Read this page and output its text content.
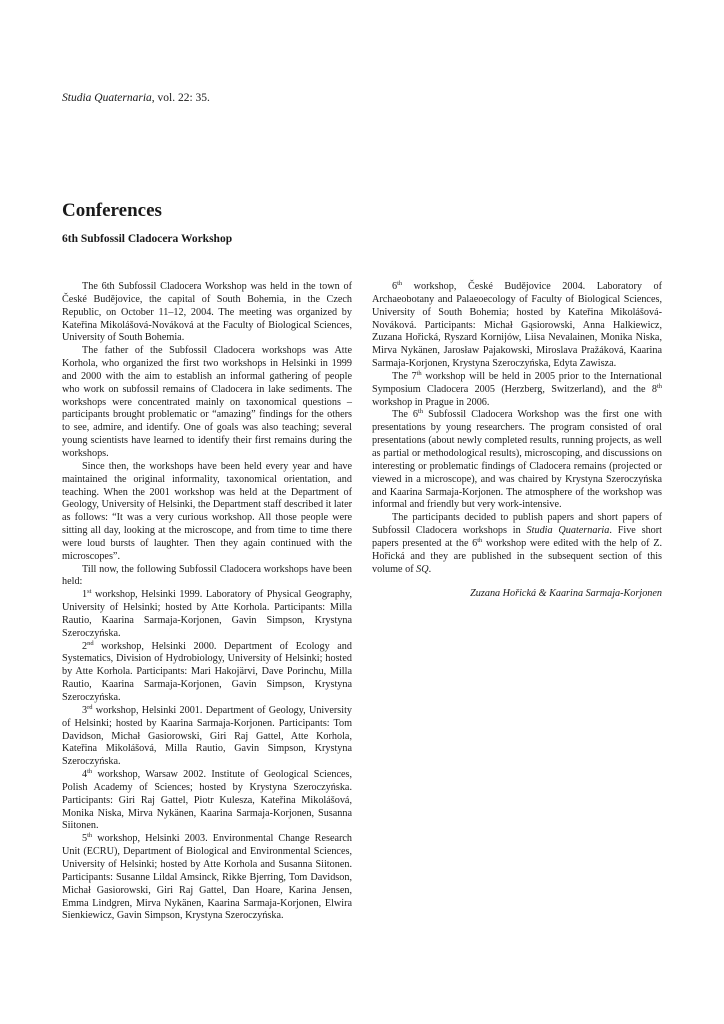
Studia Quaternaria, vol. 22: 35.

Conferences
6th Subfossil Cladocera Workshop

The 6th Subfossil Cladocera Workshop was held in the town of České Budějovice, the capital of South Bohemia, in the Czech Republic, on October 11–12, 2004. The meeting was organized by Kateřina Mikolášová-Nováková at the Faculty of Biological Sciences, University of South Bohemia.

The father of the Subfossil Cladocera workshops was Atte Korhola, who organized the first two workshops in Helsinki in 1999 and 2000 with the aim to establish an informal gathering of people who work on subfossil remains of Cladocera in lake sediments. The workshops were concentrated mainly on taxonomical questions – participants brought problematic or “amazing” findings for the others to see, admire, and identify. One of goals was also teaching; several young scientists have learned to identify their first remains during the workshops.

Since then, the workshops have been held every year and have maintained the original informality, taxonomical orientation, and teaching. When the 2001 workshop was held at the Department of Geology, University of Helsinki, the Department staff described it later as follows: “It was a very curious workshop. All those people were sitting all day, looking at the microscope, and from time to time there were loud bursts of laughter. Then they again continued with the microscopes”.

Till now, the following Subfossil Cladocera workshops have been held:

1st workshop, Helsinki 1999. Laboratory of Physical Geography, University of Helsinki; hosted by Atte Korhola. Participants: Milla Rautio, Kaarina Sarmaja-Korjonen, Gavin Simpson, Krystyna Szeroczyńska.

2nd workshop, Helsinki 2000. Department of Ecology and Systematics, Division of Hydrobiology, University of Helsinki; hosted by Atte Korhola. Participants: Mari Hakojärvi, Dave Porinchu, Milla Rautio, Kaarina Sarmaja-Korjonen, Gavin Simpson, Krystyna Szeroczyńska.

3rd workshop, Helsinki 2001. Department of Geology, University of Helsinki; hosted by Kaarina Sarmaja-Korjonen. Participants: Tom Davidson, Michał Gasiorowski, Giri Raj Gattel, Atte Korhola, Kateřina Mikolášová, Milla Rautio, Gavin Simpson, Krystyna Szeroczyńska.

4th workshop, Warsaw 2002. Institute of Geological Sciences, Polish Academy of Sciences; hosted by Krystyna Szeroczyńska. Participants: Giri Raj Gattel, Piotr Kulesza, Kateřina Mikolášová, Monika Niska, Mirva Nykänen, Kaarina Sarmaja-Korjonen, Susanna Siitonen.

5th workshop, Helsinki 2003. Environmental Change Research Unit (ECRU), Department of Biological and Environmental Sciences, University of Helsinki; hosted by Atte Korhola and Susanna Siitonen. Participants: Susanne Lildal Amsinck, Rikke Bjerring, Tom Davidson, Michał Gasiorowski, Giri Raj Gattel, Dan Hoare, Karina Jensen, Emma Lindgren, Mirva Nykänen, Kaarina Sarmaja-Korjonen, Elwira Sienkiewicz, Gavin Simpson, Krystyna Szeroczyńska.

6th workshop, České Budějovice 2004. Laboratory of Archaeobotany and Palaeoecology of Faculty of Biological Sciences, University of South Bohemia; hosted by Kateřina Mikolášová-Nováková. Participants: Michał Gąsiorowski, Anna Halkiewicz, Zuzana Hořická, Ryszard Kornijów, Liisa Nevalainen, Monika Niska, Mirva Nykänen, Jarosław Pajakowski, Miroslava Pražáková, Kaarina Sarmaja-Korjonen, Krystyna Szeroczyńska, Edyta Zawisza.

The 7th workshop will be held in 2005 prior to the International Symposium Cladocera 2005 (Herzberg, Switzerland), and the 8th workshop in Prague in 2006.

The 6th Subfossil Cladocera Workshop was the first one with presentations by young researchers. The program consisted of oral presentations (about newly completed results, running projects, as well as partial or methodological results), microscoping, and discussions on interesting or problematic findings of Cladocera remains (projected or viewed in a microscope), and was chaired by Krystyna Szeroczyńska and Kaarina Sarmaja-Korjonen. The atmosphere of the workshop was informal and friendly but very work-intensive.

The participants decided to publish papers and short papers of Subfossil Cladocera workshops in Studia Quaternaria. Five short papers presented at the 6th workshop were edited with the help of Z. Hořická and they are published in the subsequent section of this volume of SQ.

Zuzana Hořická & Kaarina Sarmaja-Korjonen
